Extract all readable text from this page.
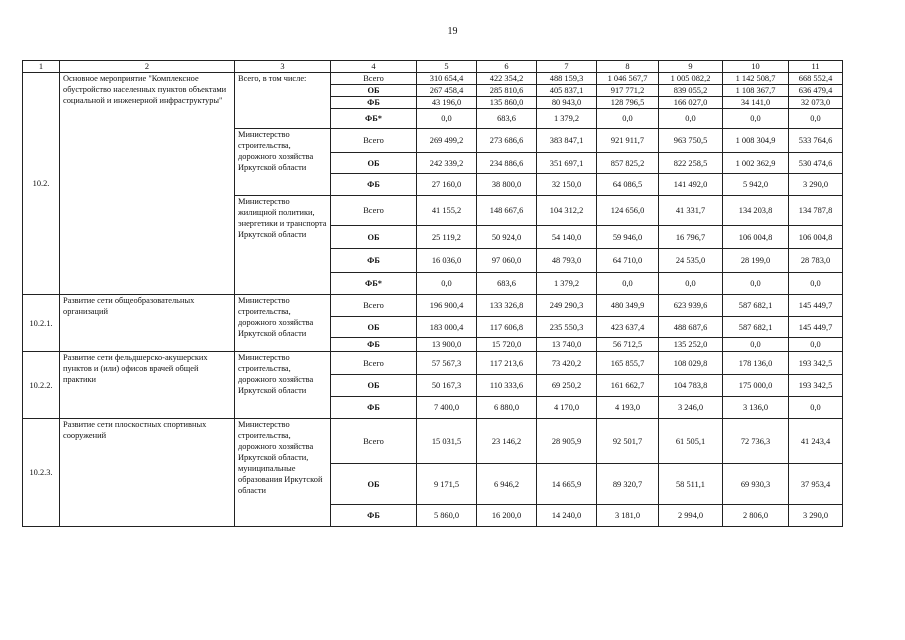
19
1	2	3	4	5	6	7	8	9	10	11
10.2.	Основное мероприятие "Комплексное обустройство населенных пунктов объектами социальной и инженерной инфраструктуры"	Всего, в том числе:	Всего	310 654,4	422 354,2	488 159,3	1 046 567,7	1 005 082,2	1 142 508,7	668 552,4
			ОБ	267 458,4	285 810,6	405 837,1	917 771,2	839 055,2	1 108 367,7	636 479,4
			ФБ	43 196,0	135 860,0	80 943,0	128 796,5	166 027,0	34 141,0	32 073,0
			ФБ*	0,0	683,6	1 379,2	0,0	0,0	0,0	0,0
		Министерство строительства, дорожного хозяйства Иркутской области	Всего	269 499,2	273 686,6	383 847,1	921 911,7	963 750,5	1 008 304,9	533 764,6
			ОБ	242 339,2	234 886,6	351 697,1	857 825,2	822 258,5	1 002 362,9	530 474,6
			ФБ	27 160,0	38 800,0	32 150,0	64 086,5	141 492,0	5 942,0	3 290,0
		Министерство жилищной политики, энергетики и транспорта Иркутской области	Всего	41 155,2	148 667,6	104 312,2	124 656,0	41 331,7	134 203,8	134 787,8
			ОБ	25 119,2	50 924,0	54 140,0	59 946,0	16 796,7	106 004,8	106 004,8
			ФБ	16 036,0	97 060,0	48 793,0	64 710,0	24 535,0	28 199,0	28 783,0
			ФБ*	0,0	683,6	1 379,2	0,0	0,0	0,0	0,0
10.2.1.	Развитие сети общеобразовательных организаций	Министерство строительства, дорожного хозяйства Иркутской области	Всего	196 900,4	133 326,8	249 290,3	480 349,9	623 939,6	587 682,1	145 449,7
			ОБ	183 000,4	117 606,8	235 550,3	423 637,4	488 687,6	587 682,1	145 449,7
			ФБ	13 900,0	15 720,0	13 740,0	56 712,5	135 252,0	0,0	0,0
10.2.2.	Развитие сети фельдшерско-акушерских пунктов и (или) офисов врачей общей практики	Министерство строительства, дорожного хозяйства Иркутской области	Всего	57 567,3	117 213,6	73 420,2	165 855,7	108 029,8	178 136,0	193 342,5
			ОБ	50 167,3	110 333,6	69 250,2	161 662,7	104 783,8	175 000,0	193 342,5
			ФБ	7 400,0	6 880,0	4 170,0	4 193,0	3 246,0	3 136,0	0,0
10.2.3.	Развитие сети плоскостных спортивных сооружений	Министерство строительства, дорожного хозяйства Иркутской области, муниципальные образования Иркутской области	Всего	15 031,5	23 146,2	28 905,9	92 501,7	61 505,1	72 736,3	41 243,4
			ОБ	9 171,5	6 946,2	14 665,9	89 320,7	58 511,1	69 930,3	37 953,4
			ФБ	5 860,0	16 200,0	14 240,0	3 181,0	2 994,0	2 806,0	3 290,0
